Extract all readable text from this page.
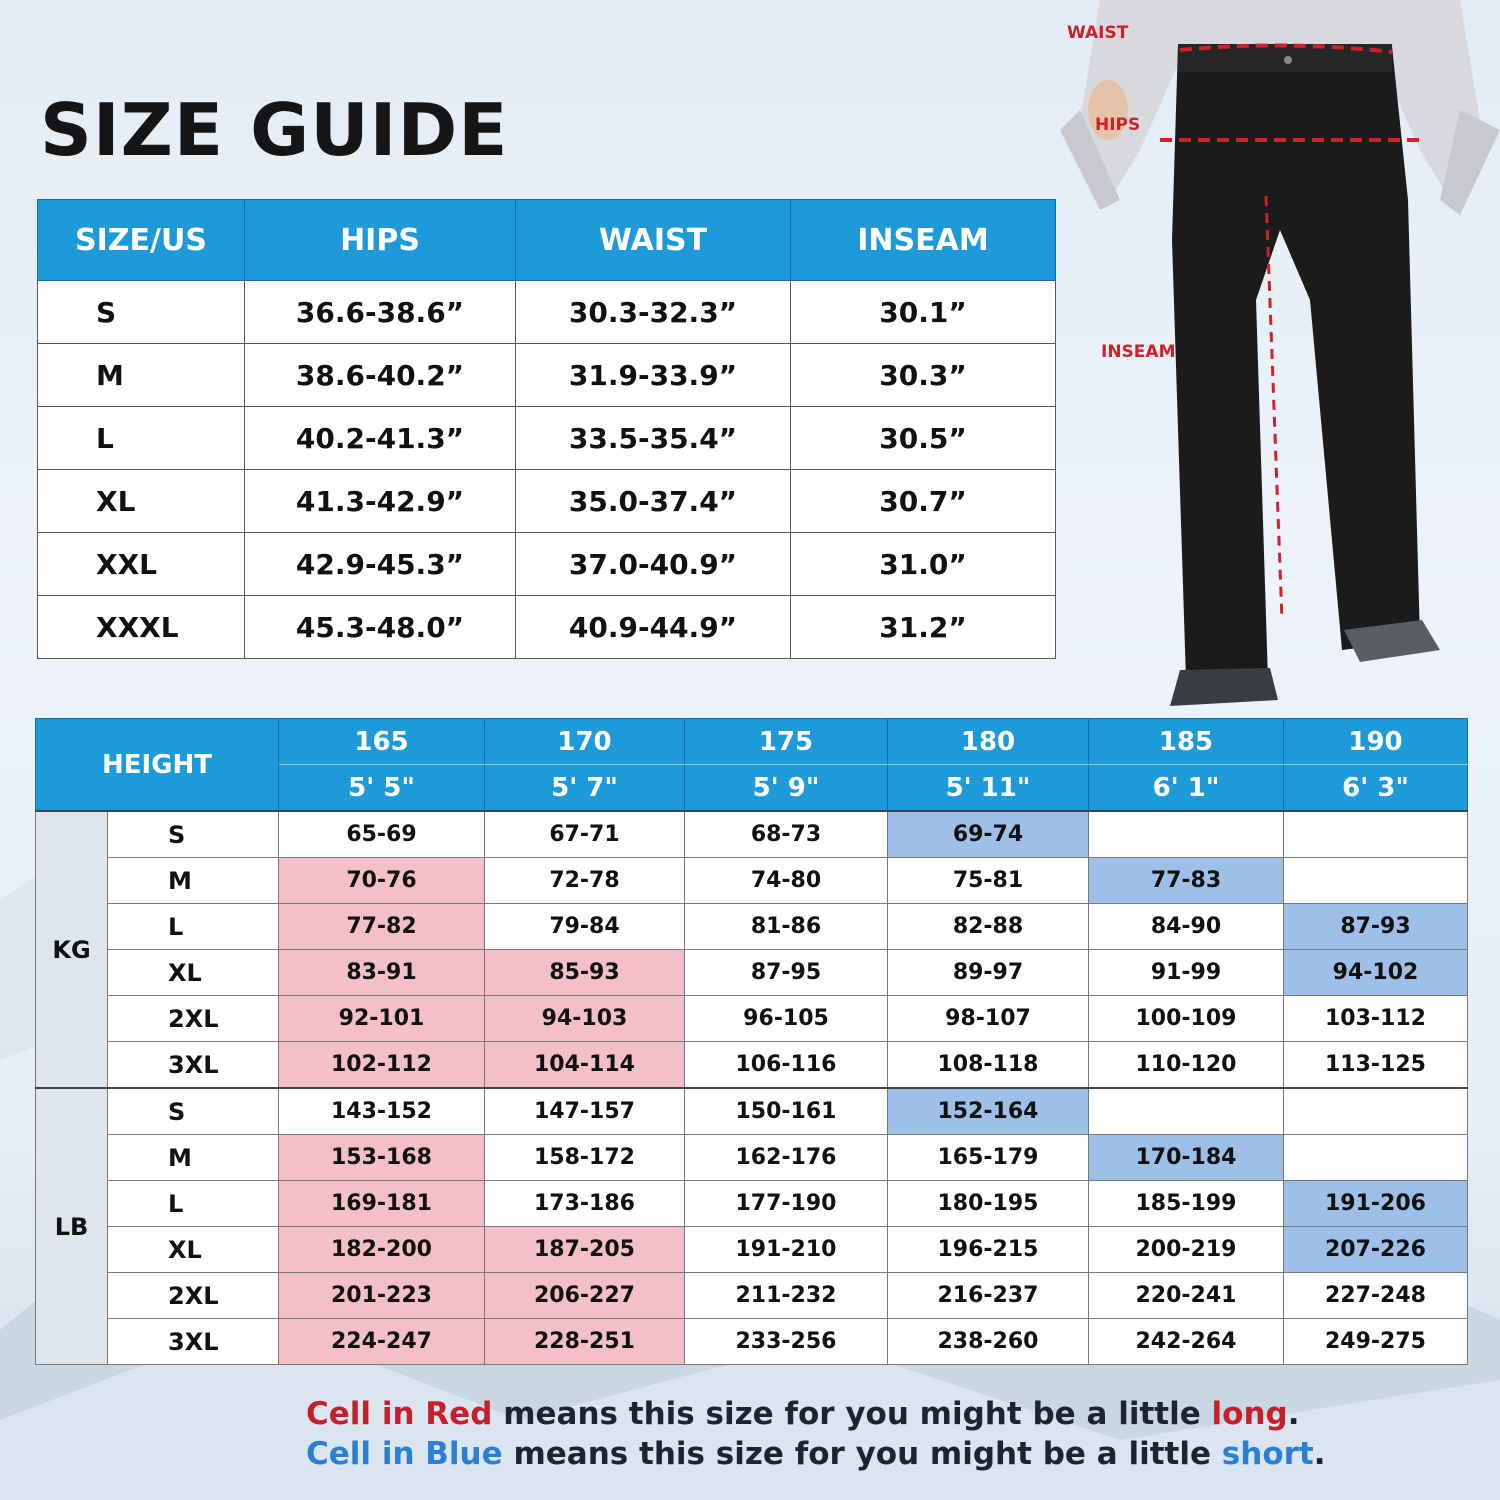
SIZE GUIDE
SIZE/US	HIPS	WAIST	INSEAM
S	36.6-38.6”	30.3-32.3”	30.1”
M	38.6-40.2”	31.9-33.9”	30.3”
L	40.2-41.3”	33.5-35.4”	30.5”
XL	41.3-42.9”	35.0-37.4”	30.7”
XXL	42.9-45.3”	37.0-40.9”	31.0”
XXXL	45.3-48.0”	40.9-44.9”	31.2”
WAIST
HIPS
INSEAM
HEIGHT		165	170	175	180	185	190
		5' 5"	5' 7"	5' 9"	5' 11"	6' 1"	6' 3"
KG	S	65-69	67-71	68-73	69-74		
	M	70-76	72-78	74-80	75-81	77-83	
	L	77-82	79-84	81-86	82-88	84-90	87-93
	XL	83-91	85-93	87-95	89-97	91-99	94-102
	2XL	92-101	94-103	96-105	98-107	100-109	103-112
	3XL	102-112	104-114	106-116	108-118	110-120	113-125
LB	S	143-152	147-157	150-161	152-164		
	M	153-168	158-172	162-176	165-179	170-184	
	L	169-181	173-186	177-190	180-195	185-199	191-206
	XL	182-200	187-205	191-210	196-215	200-219	207-226
	2XL	201-223	206-227	211-232	216-237	220-241	227-248
	3XL	224-247	228-251	233-256	238-260	242-264	249-275

Cell in Red means this size for you might be a little long.

Cell in Blue means this size for you might be a little short.
